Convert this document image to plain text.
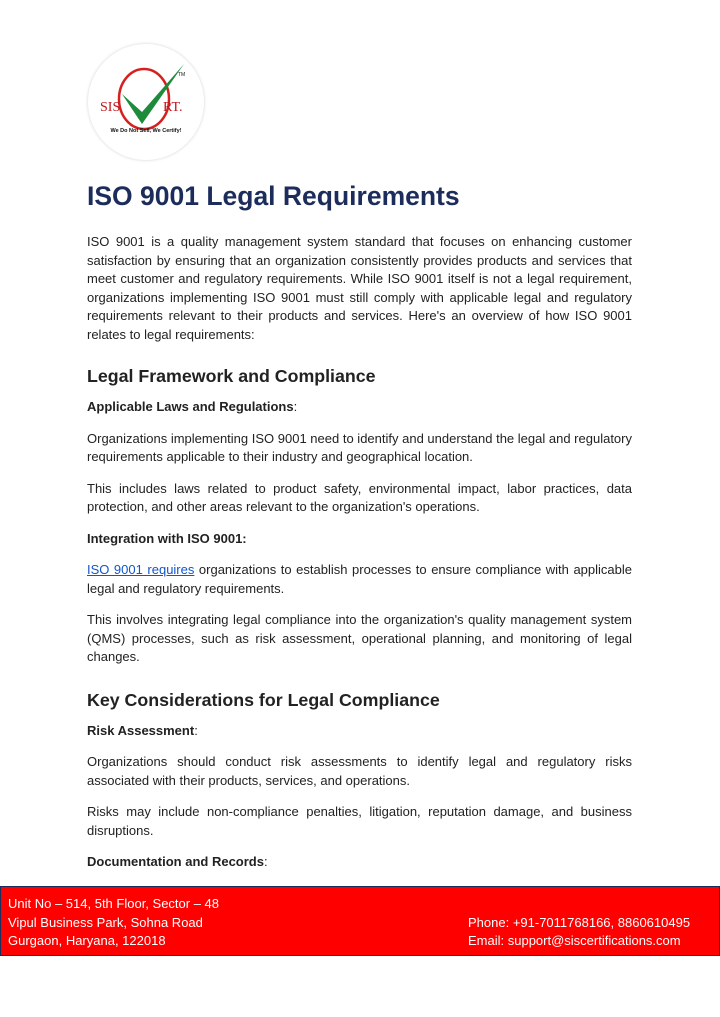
SIS	RT.
TM
We Do Not Sell, We Certify!
ISO 9001 Legal Requirements

ISO 9001 is a quality management system standard that focuses on enhancing customer satisfaction by ensuring that an organization consistently provides products and services that meet customer and regulatory requirements. While ISO 9001 itself is not a legal requirement, organizations implementing ISO 9001 must still comply with applicable legal and regulatory requirements relevant to their products and services. Here's an overview of how ISO 9001 relates to legal requirements:

Legal Framework and Compliance

Applicable Laws and Regulations:

Organizations implementing ISO 9001 need to identify and understand the legal and regulatory requirements applicable to their industry and geographical location.

This includes laws related to product safety, environmental impact, labor practices, data protection, and other areas relevant to the organization's operations.

Integration with ISO 9001:

ISO 9001 requires organizations to establish processes to ensure compliance with applicable legal and regulatory requirements.

This involves integrating legal compliance into the organization's quality management system (QMS) processes, such as risk assessment, operational planning, and monitoring of legal changes.

Key Considerations for Legal Compliance

Risk Assessment:

Organizations should conduct risk assessments to identify legal and regulatory risks associated with their products, services, and operations.

Risks may include non-compliance penalties, litigation, reputation damage, and business disruptions.

Documentation and Records:

Unit No – 514, 5th Floor, Sector – 48
Vipul Business Park, Sohna Road
Gurgaon, Haryana, 122018
Phone: +91-7011768166, 8860610495
Email: support@siscertifications.com
